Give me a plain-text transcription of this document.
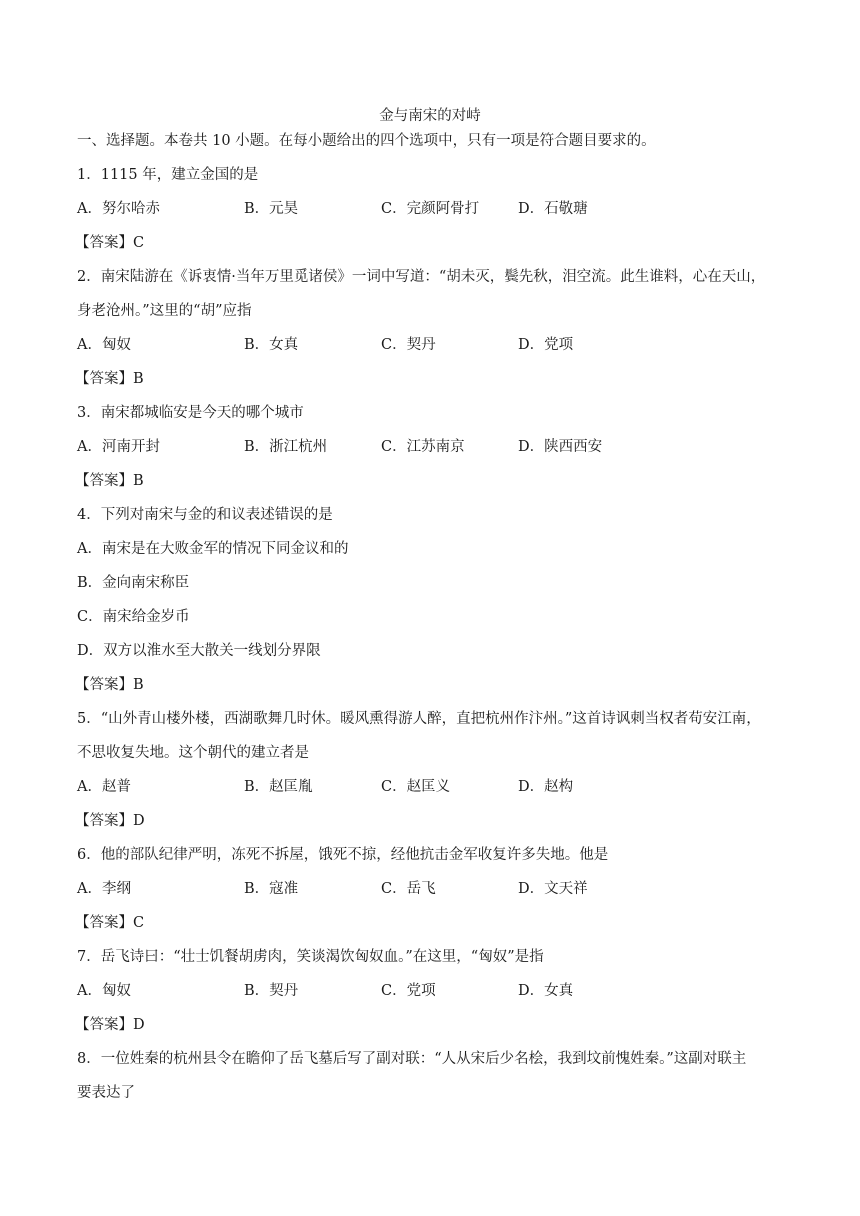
金与南宋的对峙
一、选择题。本卷共 10 小题。在每小题给出的四个选项中，只有一项是符合题目要求的。
1．1115 年，建立金国的是
A．努尔哈赤	B．元昊	C．完颜阿骨打	D．石敬瑭
【答案】C
2．南宋陆游在《诉衷情·当年万里觅诸侯》一词中写道：“胡未灭，鬓先秋，泪空流。此生谁料，心在天山，
身老沧州。”这里的“胡”应指
A．匈奴	B．女真	C．契丹	D．党项
【答案】B
3．南宋都城临安是今天的哪个城市
A．河南开封	B．浙江杭州	C．江苏南京	D．陕西西安
【答案】B
4．下列对南宋与金的和议表述错误的是
A．南宋是在大败金军的情况下同金议和的
B．金向南宋称臣
C．南宋给金岁币
D．双方以淮水至大散关一线划分界限
【答案】B
5．“山外青山楼外楼，西湖歌舞几时休。暖风熏得游人醉，直把杭州作汴州。”这首诗讽刺当权者苟安江南，
不思收复失地。这个朝代的建立者是
A．赵普	B．赵匡胤	C．赵匡义	D．赵构
【答案】D
6．他的部队纪律严明，冻死不拆屋，饿死不掠，经他抗击金军收复许多失地。他是
A．李纲	B．寇准	C．岳飞	D．文天祥
【答案】C
7．岳飞诗曰：“壮士饥餐胡虏肉，笑谈渴饮匈奴血。”在这里，“匈奴”是指
A．匈奴	B．契丹	C．党项	D．女真
【答案】D
8．一位姓秦的杭州县令在瞻仰了岳飞墓后写了副对联：“人从宋后少名桧，我到坟前愧姓秦。”这副对联主
要表达了
